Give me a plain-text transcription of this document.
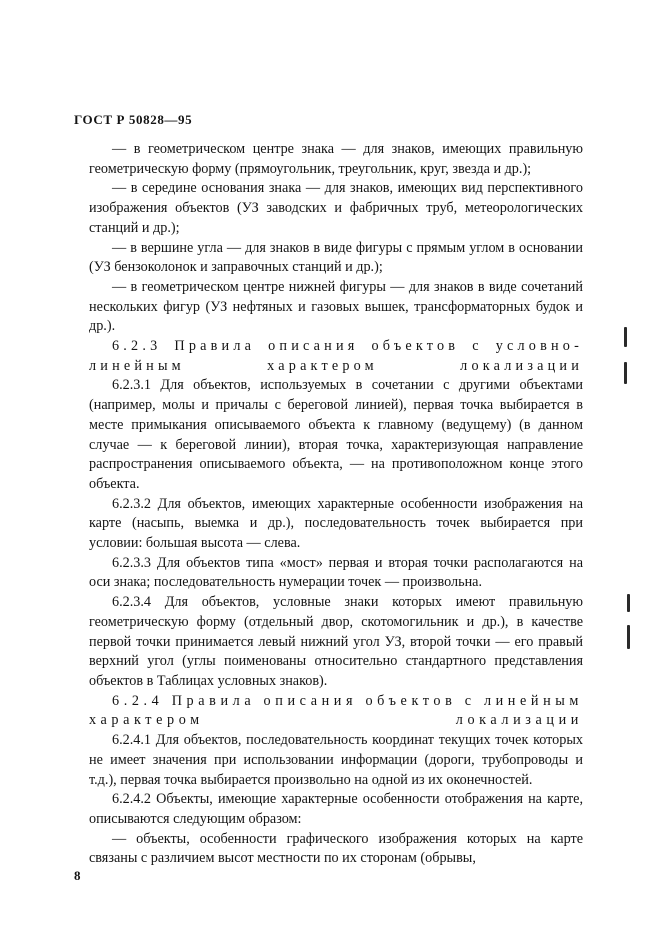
ГОСТ Р 50828—95

— в геометрическом центре знака — для знаков, имеющих правильную геометрическую форму (прямоугольник, треугольник, круг, звезда и др.);

— в середине основания знака — для знаков, имеющих вид перспективного изображения объектов (УЗ заводских и фабричных труб, метеорологических станций и др.);

— в вершине угла — для знаков в виде фигуры с прямым углом в основании (УЗ бензоколонок и заправочных станций и др.);

— в геометрическом центре нижней фигуры — для знаков в виде сочетаний нескольких фигур (УЗ нефтяных и газовых вышек, трансформаторных будок и др.).

6.2.3 Правила описания объектов с условно-линейным характером локализации

6.2.3.1 Для объектов, используемых в сочетании с другими объектами (например, молы и причалы с береговой линией), первая точка выбирается в месте примыкания описываемого объекта к главному (ведущему) (в данном случае — к береговой линии), вторая точка, характеризующая направление распространения описываемого объекта, — на противоположном конце этого объекта.

6.2.3.2 Для объектов, имеющих характерные особенности изображения на карте (насыпь, выемка и др.), последовательность точек выбирается при условии: большая высота — слева.

6.2.3.3 Для объектов типа «мост» первая и вторая точки располагаются на оси знака; последовательность нумерации точек — произвольна.

6.2.3.4 Для объектов, условные знаки которых имеют правильную геометрическую форму (отдельный двор, скотомогильник и др.), в качестве первой точки принимается левый нижний угол УЗ, второй точки — его правый верхний угол (углы поименованы относительно стандартного представления объектов в Таблицах условных знаков).

6.2.4 Правила описания объектов с линейным характером локализации

6.2.4.1 Для объектов, последовательность координат текущих точек которых не имеет значения при использовании информации (дороги, трубопроводы и т.д.), первая точка выбирается произвольно на одной из их оконечностей.

6.2.4.2 Объекты, имеющие характерные особенности отображения на карте, описываются следующим образом:

— объекты, особенности графического изображения которых на карте связаны с различием высот местности по их сторонам (обрывы,

8
